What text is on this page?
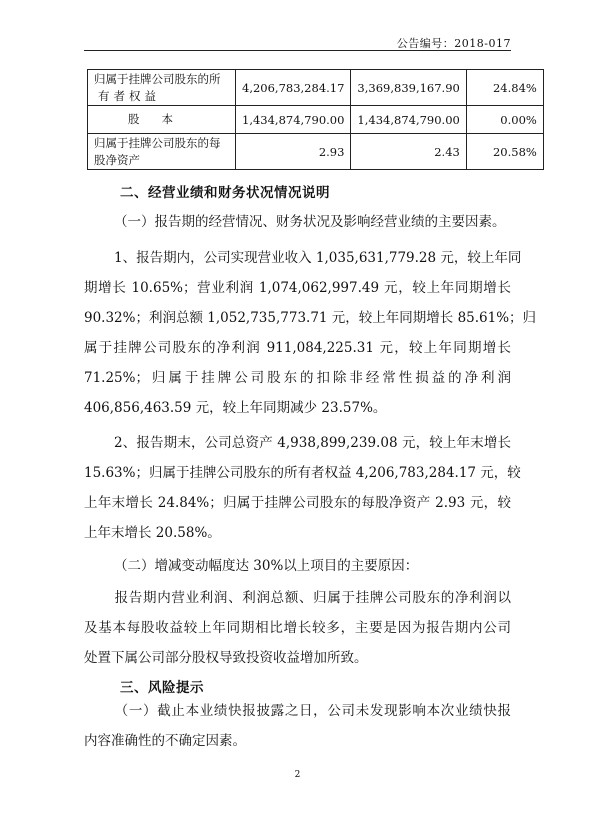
公告编号：2018-017
归属于挂牌公司股东的所
有者权益	4,206,783,284.17	3,369,839,167.90	24.84%
股本	1,434,874,790.00	1,434,874,790.00	0.00%
归属于挂牌公司股东的每
股净资产	2.93	2.43	20.58%
二、经营业绩和财务状况情况说明
（一）报告期的经营情况、财务状况及影响经营业绩的主要因素。
1、报告期内，公司实现营业收入 1,035,631,779.28 元，较上年同
期增长 10.65%；营业利润 1,074,062,997.49 元，较上年同期增长
90.32%；利润总额 1,052,735,773.71 元，较上年同期增长 85.61%；归
属于挂牌公司股东的净利润 911,084,225.31 元，较上年同期增长
71.25%；归属于挂牌公司股东的扣除非经常性损益的净利润
406,856,463.59 元，较上年同期减少 23.57%。
2、报告期末，公司总资产 4,938,899,239.08 元，较上年末增长
15.63%；归属于挂牌公司股东的所有者权益 4,206,783,284.17 元，较
上年末增长 24.84%；归属于挂牌公司股东的每股净资产 2.93 元，较
上年末增长 20.58%。
（二）增减变动幅度达 30%以上项目的主要原因：
报告期内营业利润、利润总额、归属于挂牌公司股东的净利润以
及基本每股收益较上年同期相比增长较多，主要是因为报告期内公司
处置下属公司部分股权导致投资收益增加所致。
三、风险提示
（一）截止本业绩快报披露之日，公司未发现影响本次业绩快报
内容准确性的不确定因素。
2
